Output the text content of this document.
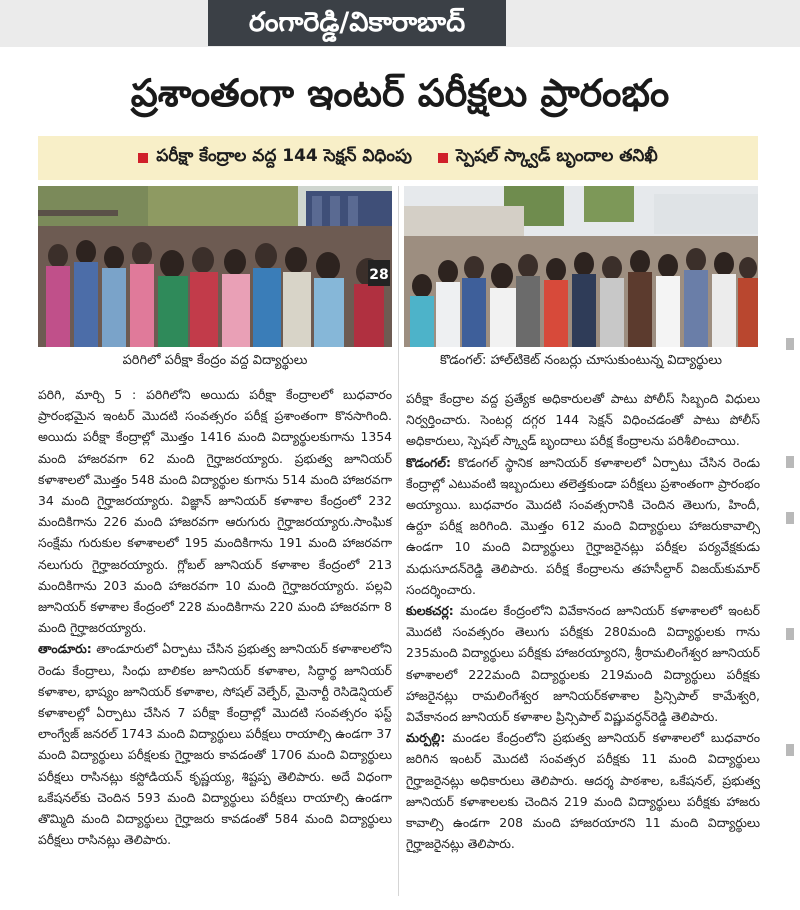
రంగారెడ్డి/వికారాబాద్
ప్రశాంతంగా ఇంటర్ పరీక్షలు ప్రారంభం
పరీక్షా కేంద్రాల వద్ద 144 సెక్షన్ విధింపు	స్పెషల్ స్క్వాడ్ బృందాల తనిఖీ
28
పరిగిలో పరీక్షా కేంద్రం వద్ద విద్యార్థులు	కొడంగల్: హాల్‌టికెట్ నంబర్లు చూసుకుంటున్న విద్యార్థులు

పరిగి, మార్చి 5 : పరిగిలోని అయిదు పరీక్షా కేంద్రాలలో బుధవారం ప్రారంభమైన ఇంటర్ మొదటి సంవత్సరం పరీక్ష ప్రశాంతంగా కొనసాగింది. అయిదు పరీక్షా కేంద్రాల్లో మొత్తం 1416 మంది విద్యార్థులకుగాను 1354 మంది హాజరవగా 62 మంది గైర్హాజరయ్యారు. ప్రభుత్వ జూనియర్ కళాశాలలో మొత్తం 548 మంది విద్యార్థుల కుగాను 514 మంది హాజరవగా 34 మంది గైర్హాజరయ్యారు. విజ్ఞాన్ జూనియర్ కళాశాల కేంద్రంలో 232 మందికిగాను 226 మంది హాజరవగా ఆరుగురు గైర్హాజరయ్యారు.సాంఘిక సంక్షేమ గురుకుల కళాశాలలో 195 మందికిగాను 191 మంది హాజరవగా నలుగురు గైర్హాజరయ్యారు. గ్లోబల్ జూనియర్ కళాశాల కేంద్రంలో 213 మందికిగాను 203 మంది హాజరవగా 10 మంది గైర్హాజరయ్యారు. పల్లవి జూనియర్ కళాశాల కేంద్రంలో 228 మందికిగాను 220 మంది హాజరవగా 8 మంది గైర్హాజరయ్యారు.

తాండూరు: తాండూరులో ఏర్పాటు చేసిన ప్రభుత్వ జూనియర్ కళాశాలలోని రెండు కేంద్రాలు, సింధు బాలికల జూనియర్ కళాశాల, సిద్ధార్థ జూనియర్ కళాశాల, భాష్యం జూనియర్ కళాశాల, సోషల్ వెల్ఫేర్, మైనార్టీ రెసిడెన్షియల్ కళాశాలల్లో ఏర్పాటు చేసిన 7 పరీక్షా కేంద్రాల్లో మొదటి సంవత్సరం ఫస్ట్ లాంగ్వేజ్ జనరల్ 1743 మంది విద్యార్థులు పరీక్షలు రాయాల్సి ఉండగా 37 మంది విద్యార్థులు పరీక్షలకు గైర్హాజరు కావడంతో 1706 మంది విద్యార్థులు పరీక్షలు రాసినట్లు కస్టోడియన్ కృష్ణయ్య, శిష్టప్ప తెలిపారు. అదే విధంగా ఒకేషనల్‌కు చెందిన 593 మంది విద్యార్థులు పరీక్షలు రాయాల్సి ఉండగా తొమ్మిది మంది విద్యార్థులు గైర్హాజరు కావడంతో 584 మంది విద్యార్థులు పరీక్షలు రాసినట్లు తెలిపారు.

పరీక్షా కేంద్రాల వద్ద ప్రత్యేక అధికారులతో పాటు పోలీస్ సిబ్బంది విధులు నిర్వర్తించారు. సెంటర్ల దగ్గర 144 సెక్షన్ విధించడంతో పాటు పోలీస్ అధికారులు, స్పెషల్ స్క్వాడ్ బృందాలు పరీక్ష కేంద్రాలను పరిశీలించాయి.

కొడంగల్: కొడంగల్ స్థానిక జూనియర్ కళాశాలలో ఏర్పాటు చేసిన రెండు కేంద్రాల్లో ఎటువంటి ఇబ్బందులు తలెత్తకుండా పరీక్షలు ప్రశాంతంగా ప్రారంభం అయ్యాయి. బుధవారం మొదటి సంవత్సరానికి చెందిన తెలుగు, హిందీ, ఉర్దూ పరీక్ష జరిగింది. మొత్తం 612 మంది విద్యార్థులు హాజరుకావాల్సి ఉండగా 10 మంది విద్యార్థులు గైర్హాజరైనట్లు పరీక్షల పర్యవేక్షకుడు మధుసూదన్‌రెడ్డి తెలిపారు. పరీక్ష కేంద్రాలను తహసీల్దార్ విజయ్‌కుమార్ సందర్శించారు.

కులకచర్ల: మండల కేంద్రంలోని వివేకానంద జూనియర్ కళాశాలలో ఇంటర్ మొదటి సంవత్సరం తెలుగు పరీక్షకు 280మంది విద్యార్థులకు గాను 235మంది విద్యార్థులు పరీక్షకు హాజరయ్యారని, శ్రీరామలింగేశ్వర జూనియర్ కళాశాలలో 222మంది విద్యార్థులకు 219మంది విద్యార్థులు పరీక్షకు హాజరైనట్లు రామలింగేశ్వర జూనియర్‌కళాశాల ప్రిన్సిపాల్ కామేశ్వరి, వివేకానంద జూనియర్ కళాశాల ప్రిన్సిపాల్ విష్ణువర్ధన్‌రెడ్డి తెలిపారు.

మర్పల్లి: మండల కేంద్రంలోని ప్రభుత్వ జూనియర్ కళాశాలలో బుధవారం జరిగిన ఇంటర్ మొదటి సంవత్సర పరీక్షకు 11 మంది విద్యార్థులు గైర్హాజరైనట్లు అధికారులు తెలిపారు. ఆదర్శ పాఠశాల, ఒకేషనల్, ప్రభుత్వ జూనియర్ కళాశాలలకు చెందిన 219 మంది విద్యార్థులు పరీక్షకు హాజరు కావాల్సి ఉండగా 208 మంది హాజరయారని 11 మంది విద్యార్థులు గైర్హాజరైనట్లు తెలిపారు.
